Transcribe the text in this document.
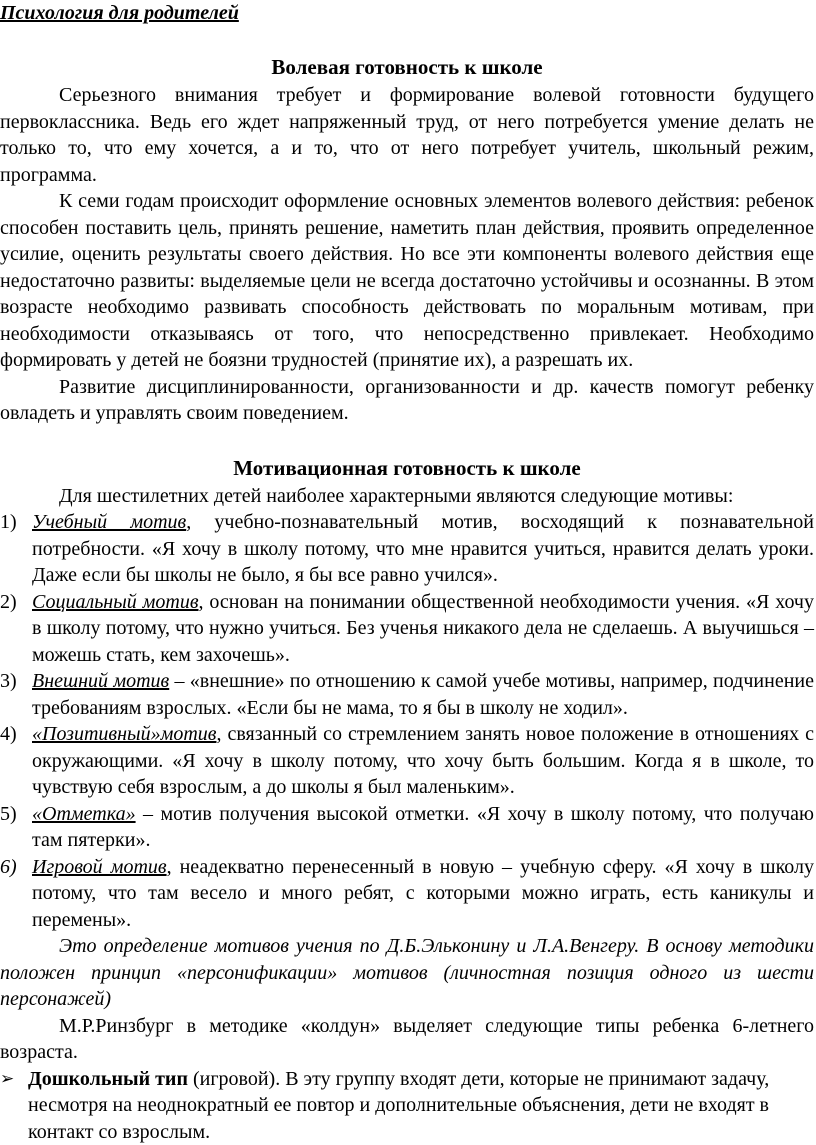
Психология для родителей
Волевая готовность к школе

Серьезного внимания требует и формирование волевой готовности будущего первоклассника. Ведь его ждет напряженный труд, от него потребуется умение делать не только то, что ему хочется, а и то, что от него потребует учитель, школьный режим, программа.

К семи годам происходит оформление основных элементов волевого действия: ребенок способен поставить цель, принять решение, наметить план действия, проявить определенное усилие, оценить результаты своего действия. Но все эти компоненты волевого действия еще недостаточно развиты: выделяемые цели не всегда достаточно устойчивы и осознанны. В этом возрасте необходимо развивать способность действовать по моральным мотивам, при необходимости отказываясь от того, что непосредственно привлекает. Необходимо формировать у детей не боязни трудностей (принятие их), а разрешать их.

Развитие дисциплинированности, организованности и др. качеств помогут ребенку овладеть и управлять своим поведением.

Мотивационная готовность к школе

Для шестилетних детей наиболее характерными являются следующие мотивы:

1) Учебный мотив, учебно-познавательный мотив, восходящий к познавательной потребности. «Я хочу в школу потому, что мне нравится учиться, нравится делать уроки. Даже если бы школы не было, я бы все равно учился».
2) Социальный мотив, основан на понимании общественной необходимости учения. «Я хочу в школу потому, что нужно учиться. Без ученья никакого дела не сделаешь. А выучишься – можешь стать, кем захочешь».
3) Внешний мотив – «внешние» по отношению к самой учебе мотивы, например, подчинение требованиям взрослых. «Если бы не мама, то я бы в школу не ходил».
4) «Позитивный»мотив, связанный со стремлением занять новое положение в отношениях с окружающими. «Я хочу в школу потому, что хочу быть большим. Когда я в школе, то чувствую себя взрослым, а до школы я был маленьким».
5) «Отметка» – мотив получения высокой отметки. «Я хочу в школу потому, что получаю там пятерки».
6) Игровой мотив, неадекватно перенесенный в новую – учебную сферу. «Я хочу в школу потому, что там весело и много ребят, с которыми можно играть, есть каникулы и перемены».

Это определение мотивов учения по Д.Б.Эльконину и Л.А.Венгеру. В основу методики положен принцип «персонификации» мотивов (личностная позиция одного из шести персонажей)

М.Р.Ринзбург в методике «колдун» выделяет следующие типы ребенка 6-летнего возраста.

➢ Дошкольный тип (игровой). В эту группу входят дети, которые не принимают задачу, несмотря на неоднократный ее повтор и дополнительные объяснения, дети не входят в контакт со взрослым.
